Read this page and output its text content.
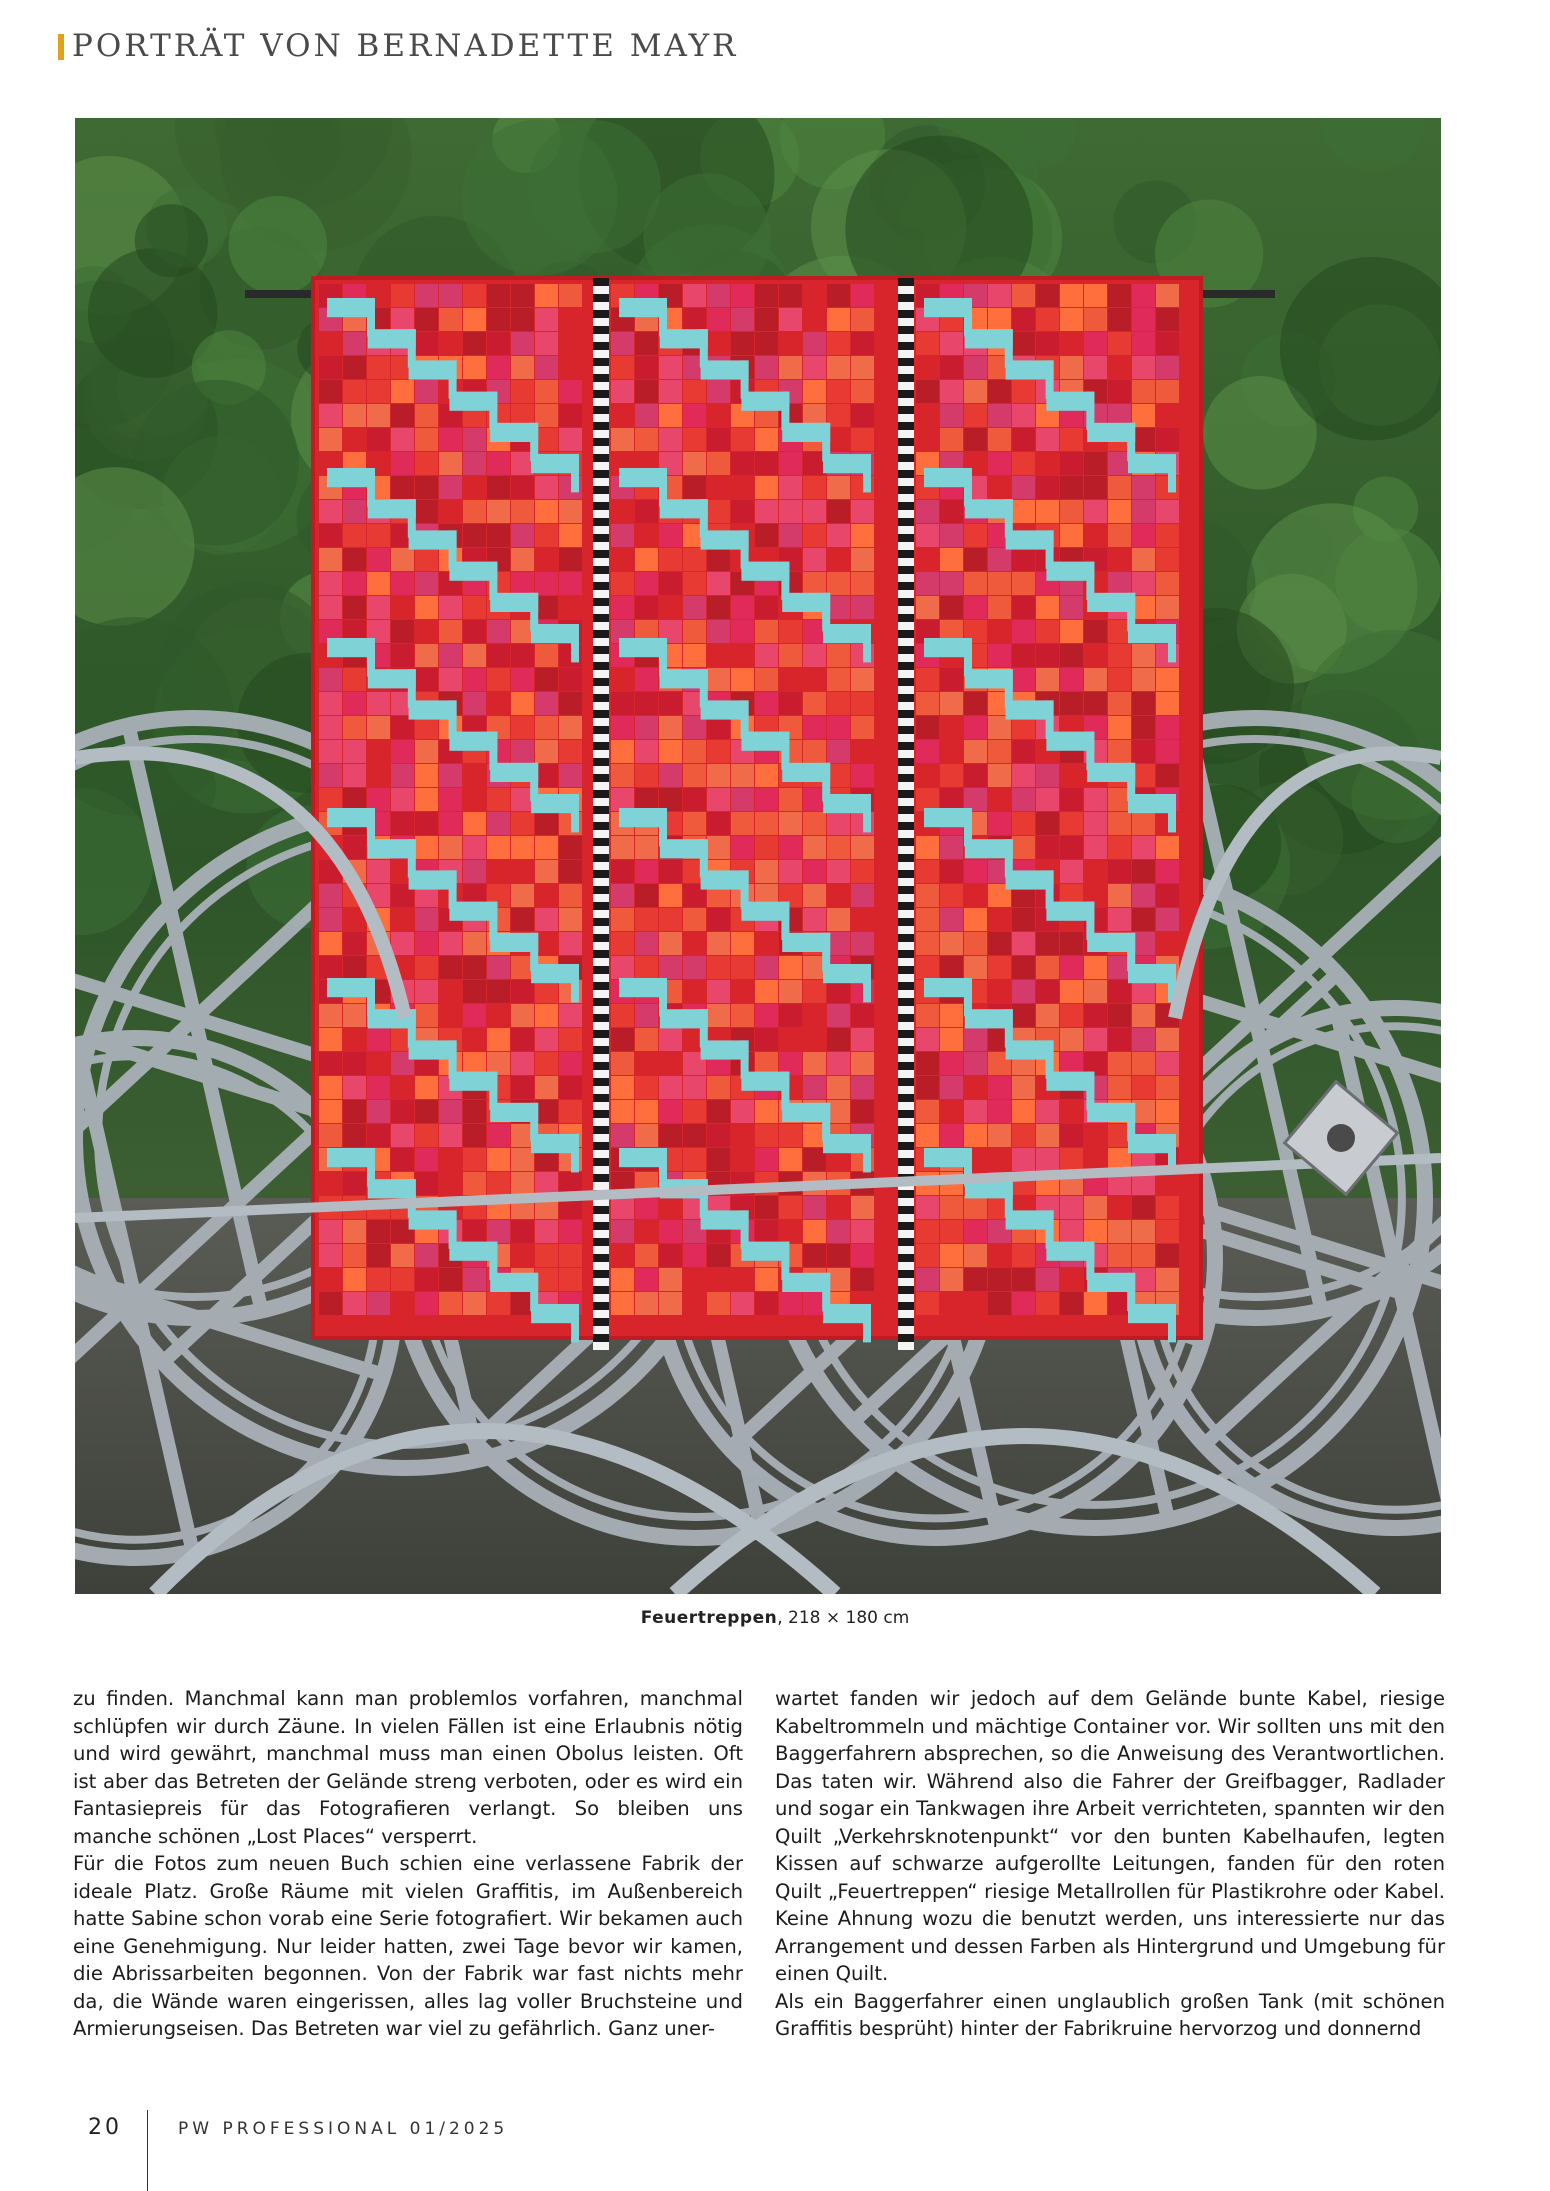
PORTRÄT VON BERNADETTE MAYR
Feuertreppen, 218 × 180 cm

zu finden. Manchmal kann man problemlos vorfahren, manchmal schlüpfen wir durch Zäune. In vielen Fällen ist eine Erlaubnis nötig und wird gewährt, manchmal muss man einen Obolus leisten. Oft ist aber das Betreten der Gelände streng verboten, oder es wird ein Fantasiepreis für das Fotografieren verlangt. So bleiben uns manche schönen „Lost Places“ versperrt.

Für die Fotos zum neuen Buch schien eine verlassene Fabrik der ideale Platz. Große Räume mit vielen Graffitis, im Außenbereich hatte Sabine schon vorab eine Serie fotografiert. Wir bekamen auch eine Genehmigung. Nur leider hatten, zwei Tage bevor wir kamen, die Abrissarbeiten begonnen. Von der Fabrik war fast nichts mehr da, die Wände waren eingerissen, alles lag voller Bruchsteine und Armierungseisen. Das Betreten war viel zu gefährlich. Ganz uner-

wartet fanden wir jedoch auf dem Gelände bunte Kabel, riesige Kabeltrommeln und mächtige Container vor. Wir sollten uns mit den Baggerfahrern absprechen, so die Anweisung des Verantwortlichen. Das taten wir. Während also die Fahrer der Greifbagger, Radlader und sogar ein Tankwagen ihre Arbeit verrichteten, spannten wir den Quilt „Verkehrsknotenpunkt“ vor den bunten Kabelhaufen, legten Kissen auf schwarze aufgerollte Leitungen, fanden für den roten Quilt „Feuertreppen“ riesige Metallrollen für Plastikrohre oder Kabel. Keine Ahnung wozu die benutzt werden, uns interessierte nur das Arrangement und dessen Farben als Hintergrund und Umgebung für einen Quilt.

Als ein Baggerfahrer einen unglaublich großen Tank (mit schönen Graffitis besprüht) hinter der Fabrikruine hervorzog und donnernd

20	PW PROFESSIONAL 01/2025
